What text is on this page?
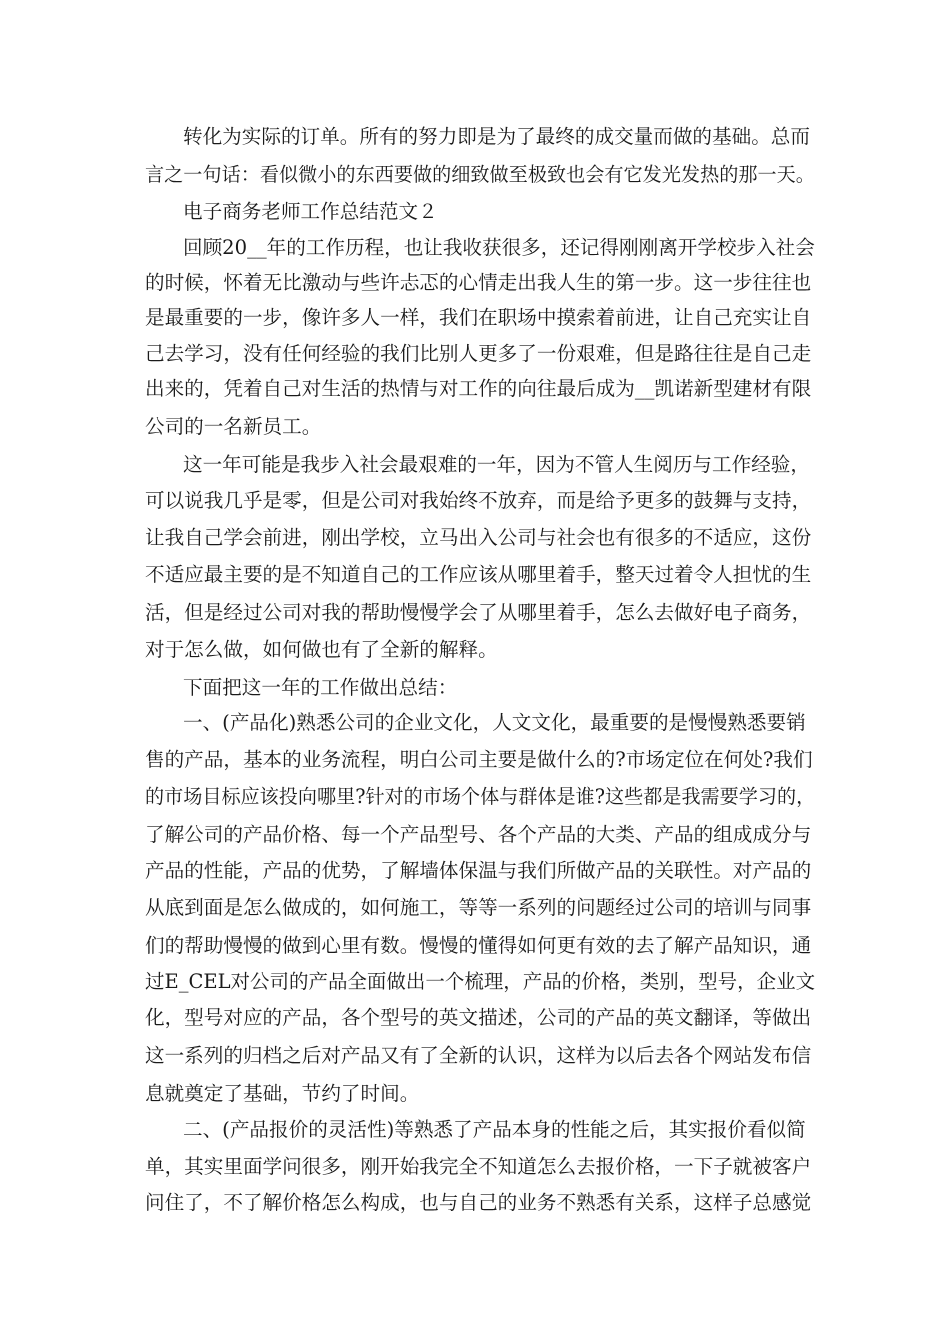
转化为实际的订单。所有的努力即是为了最终的成交量而做的基础。总而
言之一句话：看似微小的东西要做的细致做至极致也会有它发光发热的那一天。
电子商务老师工作总结范文２
回顾20__年的工作历程，也让我收获很多，还记得刚刚离开学校步入社会
的时候，怀着无比激动与些许忐忑的心情走出我人生的第一步。这一步往往也
是最重要的一步，像许多人一样，我们在职场中摸索着前进，让自己充实让自
己去学习，没有任何经验的我们比别人更多了一份艰难，但是路往往是自己走
出来的，凭着自己对生活的热情与对工作的向往最后成为__凯诺新型建材有限
公司的一名新员工。
这一年可能是我步入社会最艰难的一年，因为不管人生阅历与工作经验，
可以说我几乎是零，但是公司对我始终不放弃，而是给予更多的鼓舞与支持，
让我自己学会前进，刚出学校，立马出入公司与社会也有很多的不适应，这份
不适应最主要的是不知道自己的工作应该从哪里着手，整天过着令人担忧的生
活，但是经过公司对我的帮助慢慢学会了从哪里着手，怎么去做好电子商务，
对于怎么做，如何做也有了全新的解释。
下面把这一年的工作做出总结：
一、(产品化)熟悉公司的企业文化，人文文化，最重要的是慢慢熟悉要销
售的产品，基本的业务流程，明白公司主要是做什么的?市场定位在何处?我们
的市场目标应该投向哪里?针对的市场个体与群体是谁?这些都是我需要学习的，
了解公司的产品价格、每一个产品型号、各个产品的大类、产品的组成成分与
产品的性能，产品的优势，了解墙体保温与我们所做产品的关联性。对产品的
从底到面是怎么做成的，如何施工，等等一系列的问题经过公司的培训与同事
们的帮助慢慢的做到心里有数。慢慢的懂得如何更有效的去了解产品知识，通
过E_CEL对公司的产品全面做出一个梳理，产品的价格，类别，型号，企业文
化，型号对应的产品，各个型号的英文描述，公司的产品的英文翻译，等做出
这一系列的归档之后对产品又有了全新的认识，这样为以后去各个网站发布信
息就奠定了基础，节约了时间。
二、(产品报价的灵活性)等熟悉了产品本身的性能之后，其实报价看似简
单，其实里面学问很多，刚开始我完全不知道怎么去报价格，一下子就被客户
问住了，不了解价格怎么构成，也与自己的业务不熟悉有关系，这样子总感觉
